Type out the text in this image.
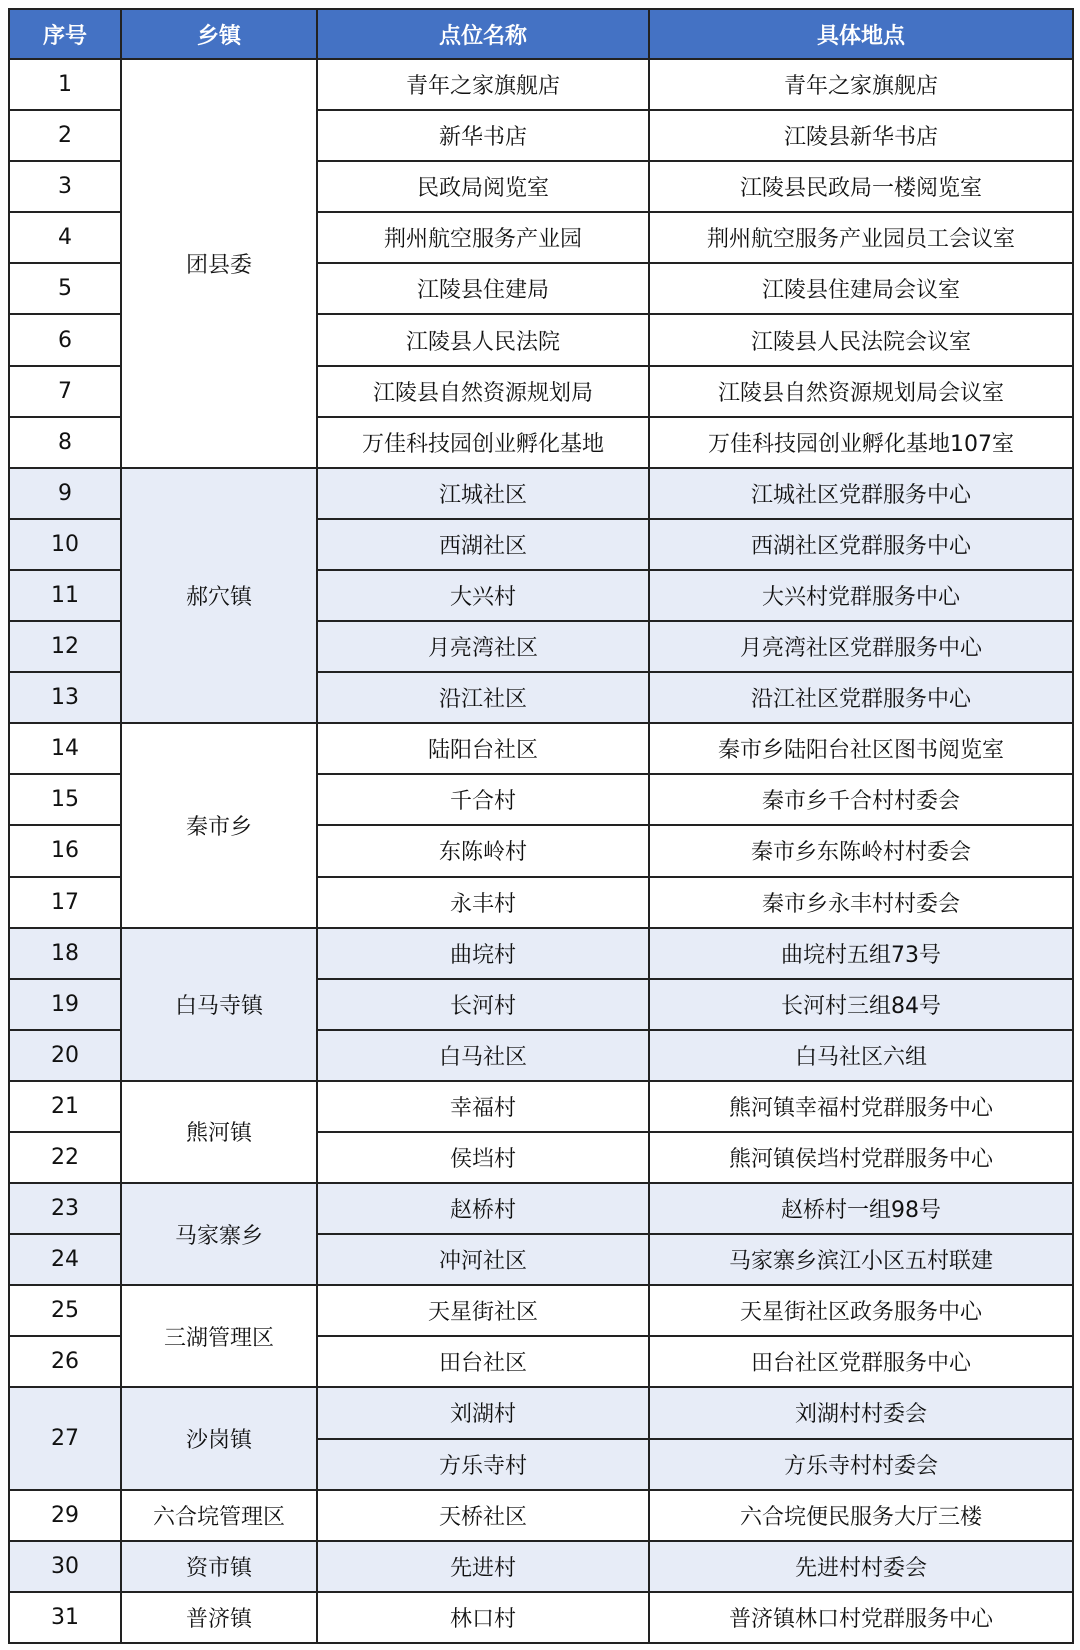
序号	乡镇	点位名称	具体地点
1	团县委	青年之家旗舰店	青年之家旗舰店
2		新华书店	江陵县新华书店
3		民政局阅览室	江陵县民政局一楼阅览室
4		荆州航空服务产业园	荆州航空服务产业园员工会议室
5		江陵县住建局	江陵县住建局会议室
6		江陵县人民法院	江陵县人民法院会议室
7		江陵县自然资源规划局	江陵县自然资源规划局会议室
8		万佳科技园创业孵化基地	万佳科技园创业孵化基地107室
9	郝穴镇	江城社区	江城社区党群服务中心
10		西湖社区	西湖社区党群服务中心
11		大兴村	大兴村党群服务中心
12		月亮湾社区	月亮湾社区党群服务中心
13		沿江社区	沿江社区党群服务中心
14	秦市乡	陆阳台社区	秦市乡陆阳台社区图书阅览室
15		千合村	秦市乡千合村村委会
16		东陈岭村	秦市乡东陈岭村村委会
17		永丰村	秦市乡永丰村村委会
18	白马寺镇	曲垸村	曲垸村五组73号
19		长河村	长河村三组84号
20		白马社区	白马社区六组
21	熊河镇	幸福村	熊河镇幸福村党群服务中心
22		侯垱村	熊河镇侯垱村党群服务中心
23	马家寨乡	赵桥村	赵桥村一组98号
24		冲河社区	马家寨乡滨江小区五村联建
25	三湖管理区	天星街社区	天星街社区政务服务中心
26		田台社区	田台社区党群服务中心
27	沙岗镇	刘湖村	刘湖村村委会
		方乐寺村	方乐寺村村委会
29	六合垸管理区	天桥社区	六合垸便民服务大厅三楼
30	资市镇	先进村	先进村村委会
31	普济镇	林口村	普济镇林口村党群服务中心
